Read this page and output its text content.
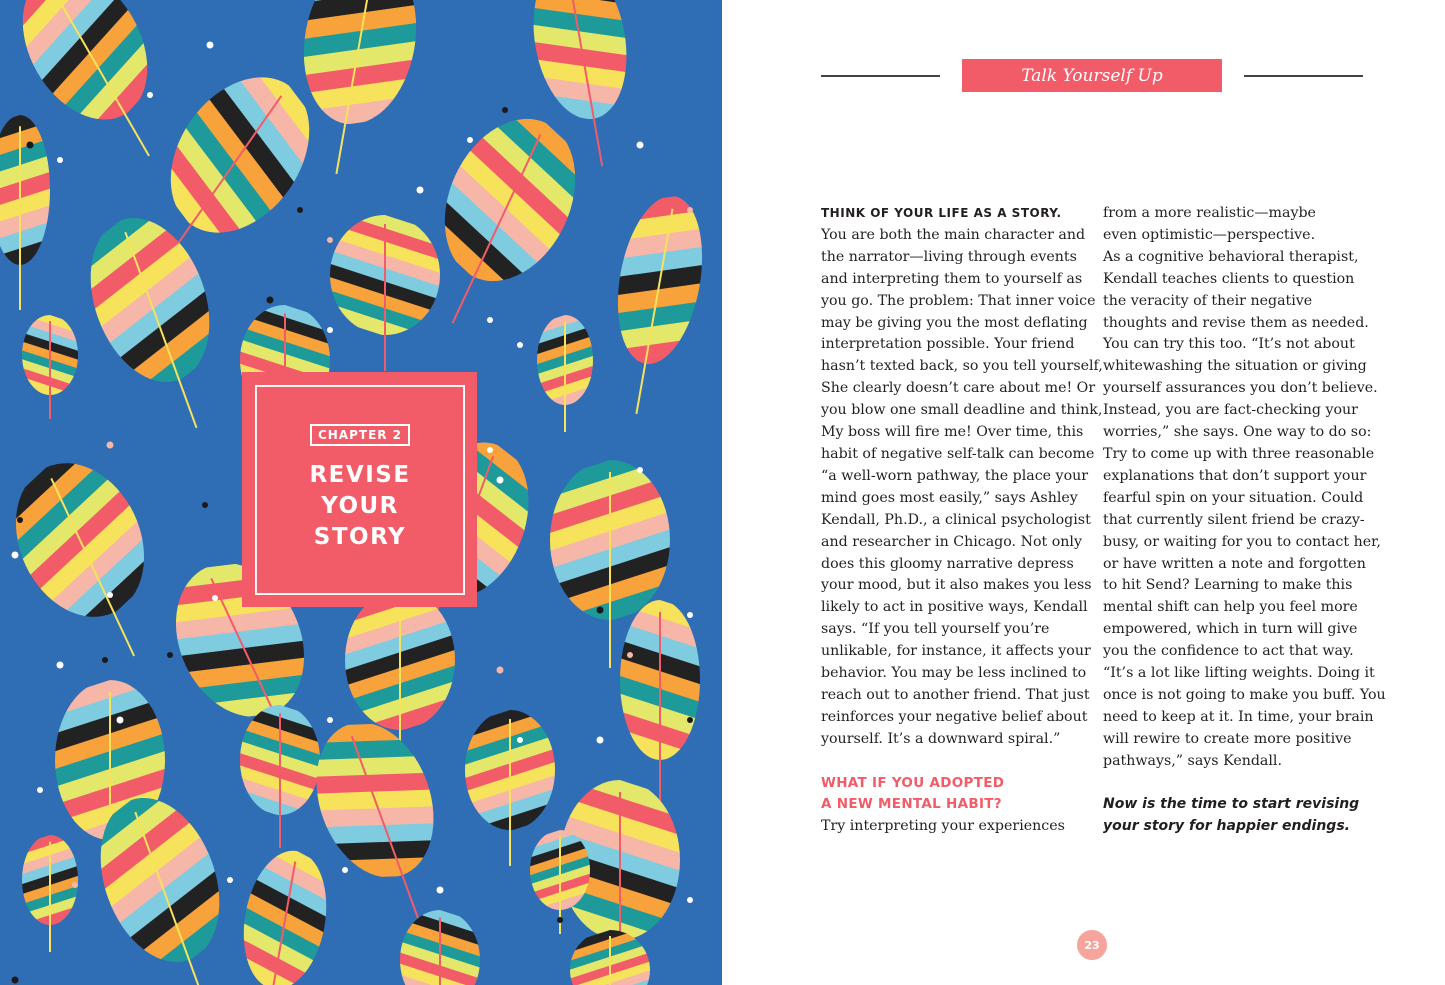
CHAPTER 2
REVISE
YOUR
STORY
Talk Yourself Up
THINK OF YOUR LIFE AS A STORY.
You are both the main character and
the narrator—living through events
and interpreting them to yourself as
you go. The problem: That inner voice
may be giving you the most deflating
interpretation possible. Your friend
hasn’t texted back, so you tell yourself,
She clearly doesn’t care about me! Or
you blow one small deadline and think,
My boss will fire me! Over time, this
habit of negative self-talk can become
“a well-worn pathway, the place your
mind goes most easily,” says Ashley
Kendall, Ph.D., a clinical psychologist
and researcher in Chicago. Not only
does this gloomy narrative depress
your mood, but it also makes you less
likely to act in positive ways, Kendall
says. “If you tell yourself you’re
unlikable, for instance, it affects your
behavior. You may be less inclined to
reach out to another friend. That just
reinforces your negative belief about
yourself. It’s a downward spiral.”
WHAT IF YOU ADOPTED
A NEW MENTAL HABIT?
Try interpreting your experiences
from a more realistic—maybe
even optimistic—perspective.
As a cognitive behavioral therapist,
Kendall teaches clients to question
the veracity of their negative
thoughts and revise them as needed.
You can try this too. “It’s not about
whitewashing the situation or giving
yourself assurances you don’t believe.
Instead, you are fact-checking your
worries,” she says. One way to do so:
Try to come up with three reasonable
explanations that don’t support your
fearful spin on your situation. Could
that currently silent friend be crazy-
busy, or waiting for you to contact her,
or have written a note and forgotten
to hit Send? Learning to make this
mental shift can help you feel more
empowered, which in turn will give
you the confidence to act that way.
“It’s a lot like lifting weights. Doing it
once is not going to make you buff. You
need to keep at it. In time, your brain
will rewire to create more positive
pathways,” says Kendall.
Now is the time to start revising
your story for happier endings.
23
